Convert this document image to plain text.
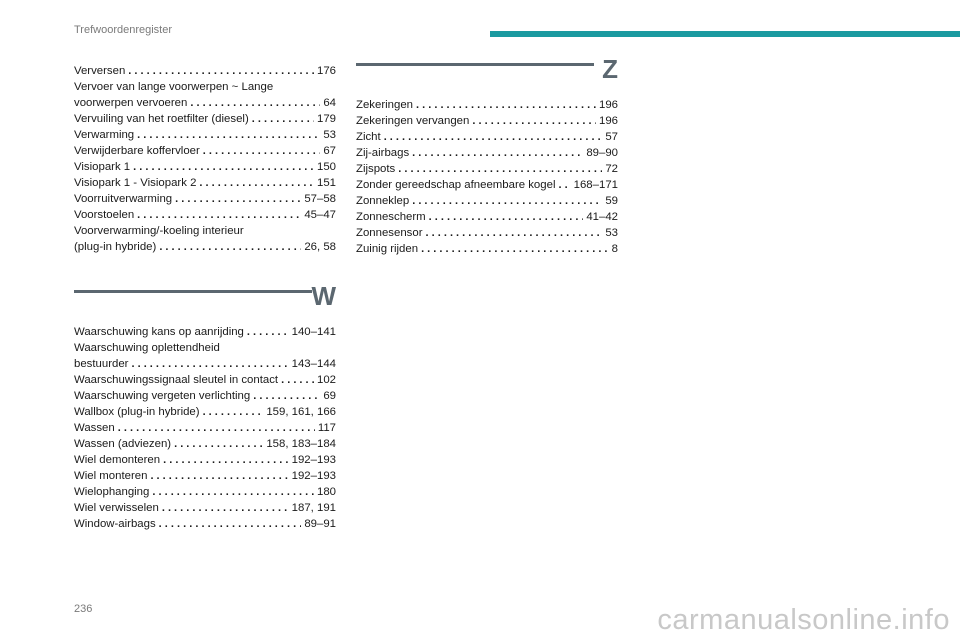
Trefwoordenregister
Verversen . . .	176
Vervoer van lange voorwerpen ~ Lange
voorwerpen vervoeren . . .	64
Vervuiling van het roetfilter (diesel) . . .	179
Verwarming . . .	53
Verwijderbare koffervloer . . .	67
Visiopark 1 . . .	150
Visiopark 1 - Visiopark 2 . . .	151
Voorruitverwarming . . .	57–58
Voorstoelen . . .	45–47
Voorverwarming/-koeling interieur
(plug-in hybride) . . .	26, 58
W
Waarschuwing kans op aanrijding . . .	140–141
Waarschuwing oplettendheid
bestuurder . . .	143–144
Waarschuwingssignaal sleutel in contact . . .	102
Waarschuwing vergeten verlichting . . .	69
Wallbox (plug-in hybride) . . .	159, 161, 166
Wassen . . .	117
Wassen (adviezen) . . .	158, 183–184
Wiel demonteren . . .	192–193
Wiel monteren . . .	192–193
Wielophanging . . .	180
Wiel verwisselen . . .	187, 191
Window-airbags . . .	89–91
Z
Zekeringen . . .	196
Zekeringen vervangen . . .	196
Zicht . . .	57
Zij-airbags . . .	89–90
Zijspots . . .	72
Zonder gereedschap afneembare kogel . . . 168–171
Zonneklep . . .	59
Zonnescherm . . .	41–42
Zonnesensor . . .	53
Zuinig rijden . . .	8
236	carmanualsonline.info
